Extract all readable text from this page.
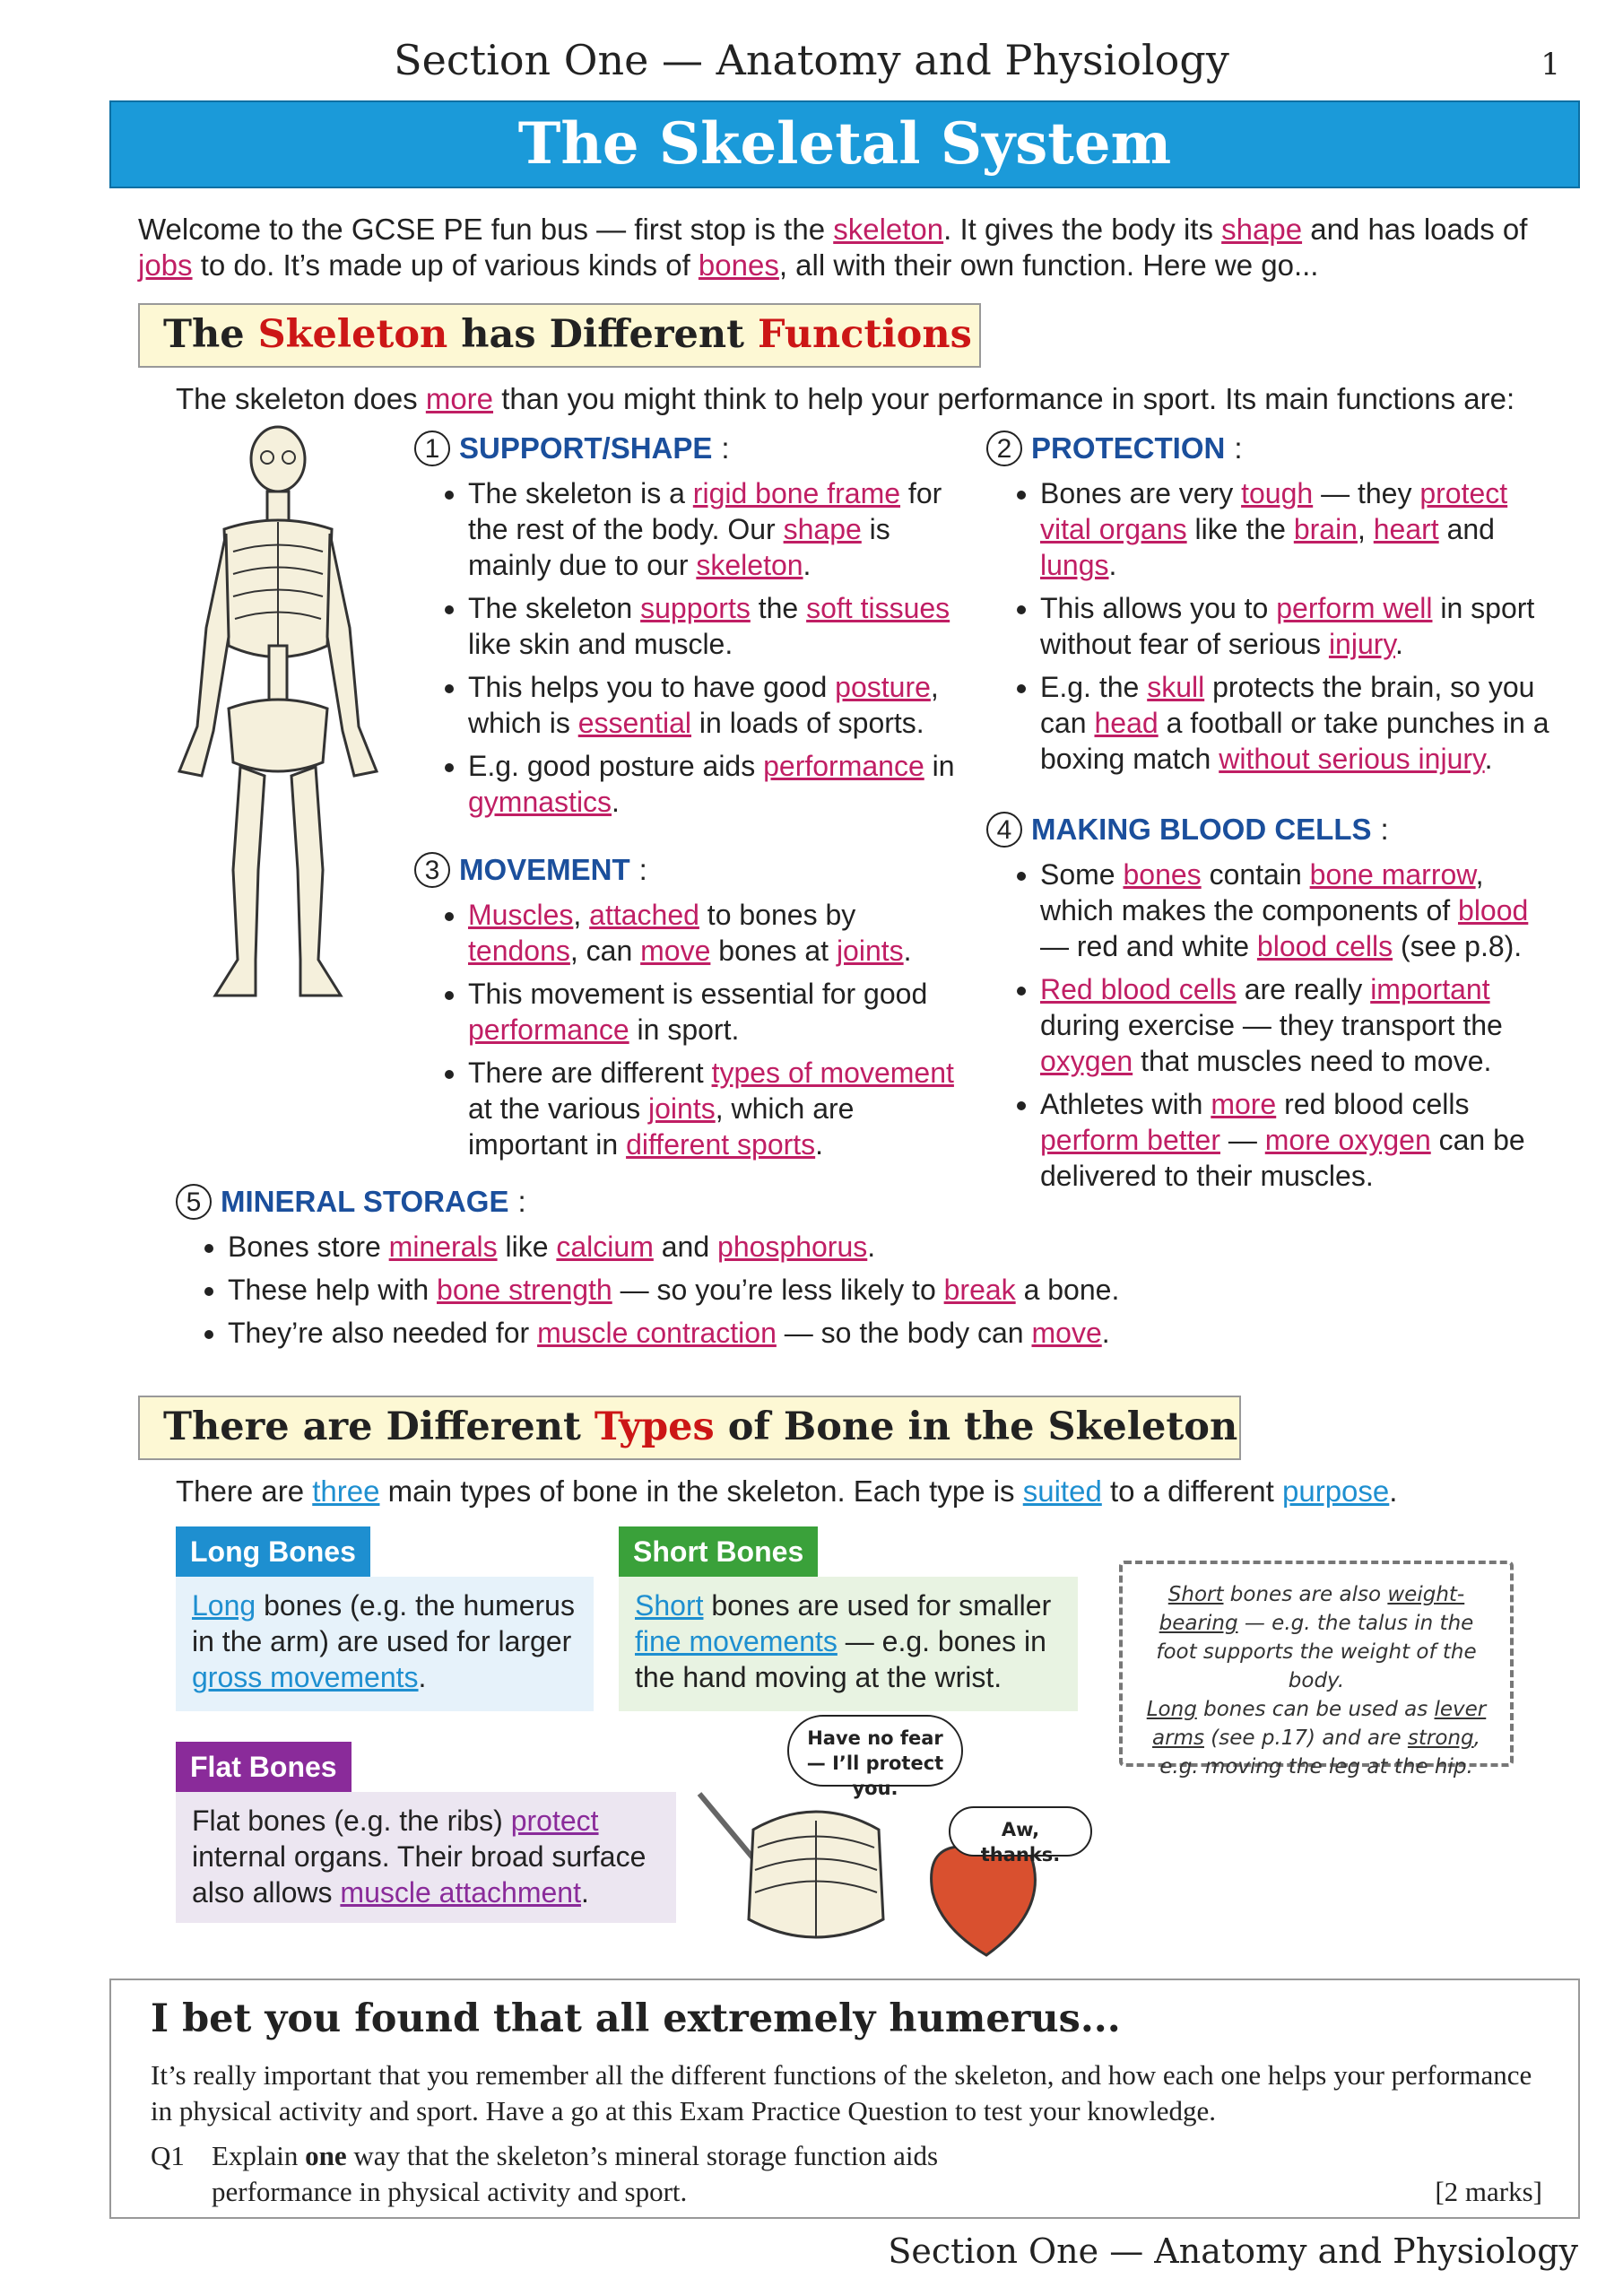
Section One — Anatomy and Physiology	1
The Skeletal System
Welcome to the GCSE PE fun bus — first stop is the skeleton. It gives the body its shape and has loads of jobs to do. It’s made up of various kinds of bones, all with their own function. Here we go...
The Skeleton has Different Functions
The skeleton does more than you might think to help your performance in sport. Its main functions are:
1 SUPPORT/SHAPE :
• The skeleton is a rigid bone frame for the rest of the body. Our shape is mainly due to our skeleton.
• The skeleton supports the soft tissues like skin and muscle.
• This helps you to have good posture, which is essential in loads of sports.
• E.g. good posture aids performance in gymnastics.
2 PROTECTION :
• Bones are very tough — they protect vital organs like the brain, heart and lungs.
• This allows you to perform well in sport without fear of serious injury.
• E.g. the skull protects the brain, so you can head a football or take punches in a boxing match without serious injury.
3 MOVEMENT :
• Muscles, attached to bones by tendons, can move bones at joints.
• This movement is essential for good performance in sport.
• There are different types of movement at the various joints, which are important in different sports.
4 MAKING BLOOD CELLS :
• Some bones contain bone marrow, which makes the components of blood — red and white blood cells (see p.8).
• Red blood cells are really important during exercise — they transport the oxygen that muscles need to move.
• Athletes with more red blood cells perform better — more oxygen can be delivered to their muscles.
5 MINERAL STORAGE :
• Bones store minerals like calcium and phosphorus.
• These help with bone strength — so you’re less likely to break a bone.
• They’re also needed for muscle contraction — so the body can move.
There are Different Types of Bone in the Skeleton
There are three main types of bone in the skeleton. Each type is suited to a different purpose.
Long Bones
Long bones (e.g. the humerus in the arm) are used for larger gross movements.
Short Bones
Short bones are used for smaller fine movements — e.g. bones in the hand moving at the wrist.
Short bones are also weight-bearing — e.g. the talus in the foot supports the weight of the body.
Long bones can be used as lever arms (see p.17) and are strong, e.g. moving the leg at the hip.
Flat Bones
Flat bones (e.g. the ribs) protect internal organs. Their broad surface also allows muscle attachment.
Have no fear — I’ll protect you.
Aw, thanks.
I bet you found that all extremely humerus...
It’s really important that you remember all the different functions of the skeleton, and how each one helps your performance in physical activity and sport. Have a go at this Exam Practice Question to test your knowledge.
Q1 Explain one way that the skeleton’s mineral storage function aids performance in physical activity and sport.	[2 marks]
Section One — Anatomy and Physiology
